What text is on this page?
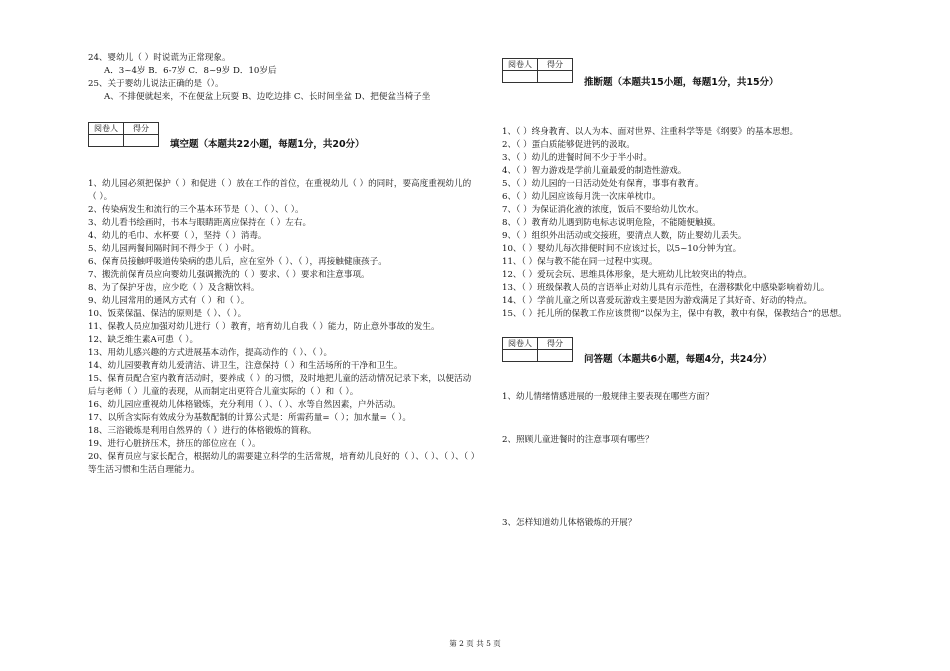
24、婴幼儿（ ）时说谎为正常现象。
A．3~4岁 B．6-7岁 C．8~9岁 D．10岁后
25、关于婴幼儿说法正确的是（）。
A、不排便就起来，不在便盆上玩耍 B、边吃边排 C、长时间坐盆 D、把便盆当椅子坐
阅卷人	得分

填空题（本题共22小题，每题1分，共20分）
1、幼儿园必须把保护（ ）和促进（ ）放在工作的首位，在重视幼儿（ ）的同时，要高度重视幼儿的（ ）。
2、传染病发生和流行的三个基本环节是（ ）、（ ）、（ ）。
3、幼儿看书绘画时，书本与眼睛距离应保持在（ ）左右。
4、幼儿的毛巾、水杯要（ ），坚持（ ）消毒。
5、幼儿园两餐间隔时间不得少于（ ）小时。
6、保育员接触呼吸道传染病的患儿后，应在室外（ ）、（ ），再接触健康孩子。
7、搬洗前保育员应向婴幼儿强调搬洗的（ ）要求、（ ）要求和注意事项。
8、为了保护牙齿，应少吃（ ）及含糖饮料。
9、幼儿园常用的通风方式有（ ）和（ ）。
10、饭菜保温、保洁的原则是（ ）、（ ）。
11、保教人员应加强对幼儿进行（ ）教育，培育幼儿自我（ ）能力，防止意外事故的发生。
12、缺乏维生素A可患（ ）。
13、用幼儿感兴趣的方式进展基本动作，提高动作的（ ）、（ ）。
14、幼儿园要教育幼儿爱清洁、讲卫生，注意保持（ ）和生活场所的干净和卫生。
15、保育员配合室内教育活动时，要养成（ ）的习惯，及时地把儿童的活动情况记录下来，以便活动后与老师（ ）儿童的表现，从而制定出更符合儿童实际的（ ）和（ ）。
16、幼儿园应重视幼儿体格锻炼，充分利用（ ）、（ ）、水等自然因素，户外活动。
17、以所含实际有效成分为基数配制的计算公式是：所需药量=（ ）；加水量=（ ）。
18、三浴锻炼是利用自然界的（ ）进行的体格锻炼的简称。
19、进行心脏挤压术，挤压的部位应在（ ）。
20、保育员应与家长配合，根据幼儿的需要建立科学的生活常规，培育幼儿良好的（ ）、（ ）、（ ）、（ ）等生活习惯和生活自理能力。
阅卷人	得分

推断题（本题共15小题，每题1分，共15分）
1、（ ）终身教育、以人为本、面对世界、注重科学等是《纲要》的基本思想。
2、（ ）蛋白质能够促进钙的汲取。
3、（ ）幼儿的进餐时间不少于半小时。
4、（ ）智力游戏是学前儿童最爱的制造性游戏。
5、（ ）幼儿园的一日活动处处有保育，事事有教育。
6、（ ）幼儿园应该每月洗一次床单枕巾。
7、（ ）为保证消化液的浓度，饭后不要给幼儿饮水。
8、（ ）教育幼儿遇到防电标志说明危险，不能随便触摸。
9、（ ）组织外出活动或交接班，要清点人数，防止婴幼儿丢失。
10、（ ）婴幼儿每次排便时间不应该过长，以5~10分钟为宜。
11、（ ）保与教不能在同一过程中实现。
12、（ ）爱玩会玩、思维具体形象，是大班幼儿比较突出的特点。
13、（ ）班级保教人员的言语举止对幼儿具有示范性，在潜移默化中感染影响着幼儿。
14、（ ）学前儿童之所以喜爱玩游戏主要是因为游戏满足了其好奇、好动的特点。
15、（ ）托儿所的保教工作应该贯彻“以保为主，保中有教，教中有保，保教结合”的思想。
阅卷人	得分

问答题（本题共6小题，每题4分，共24分）
1、幼儿情绪情感进展的一般规律主要表现在哪些方面？
2、照顾儿童进餐时的注意事项有哪些？
3、怎样知道幼儿体格锻炼的开展？
第 2 页 共 5 页
